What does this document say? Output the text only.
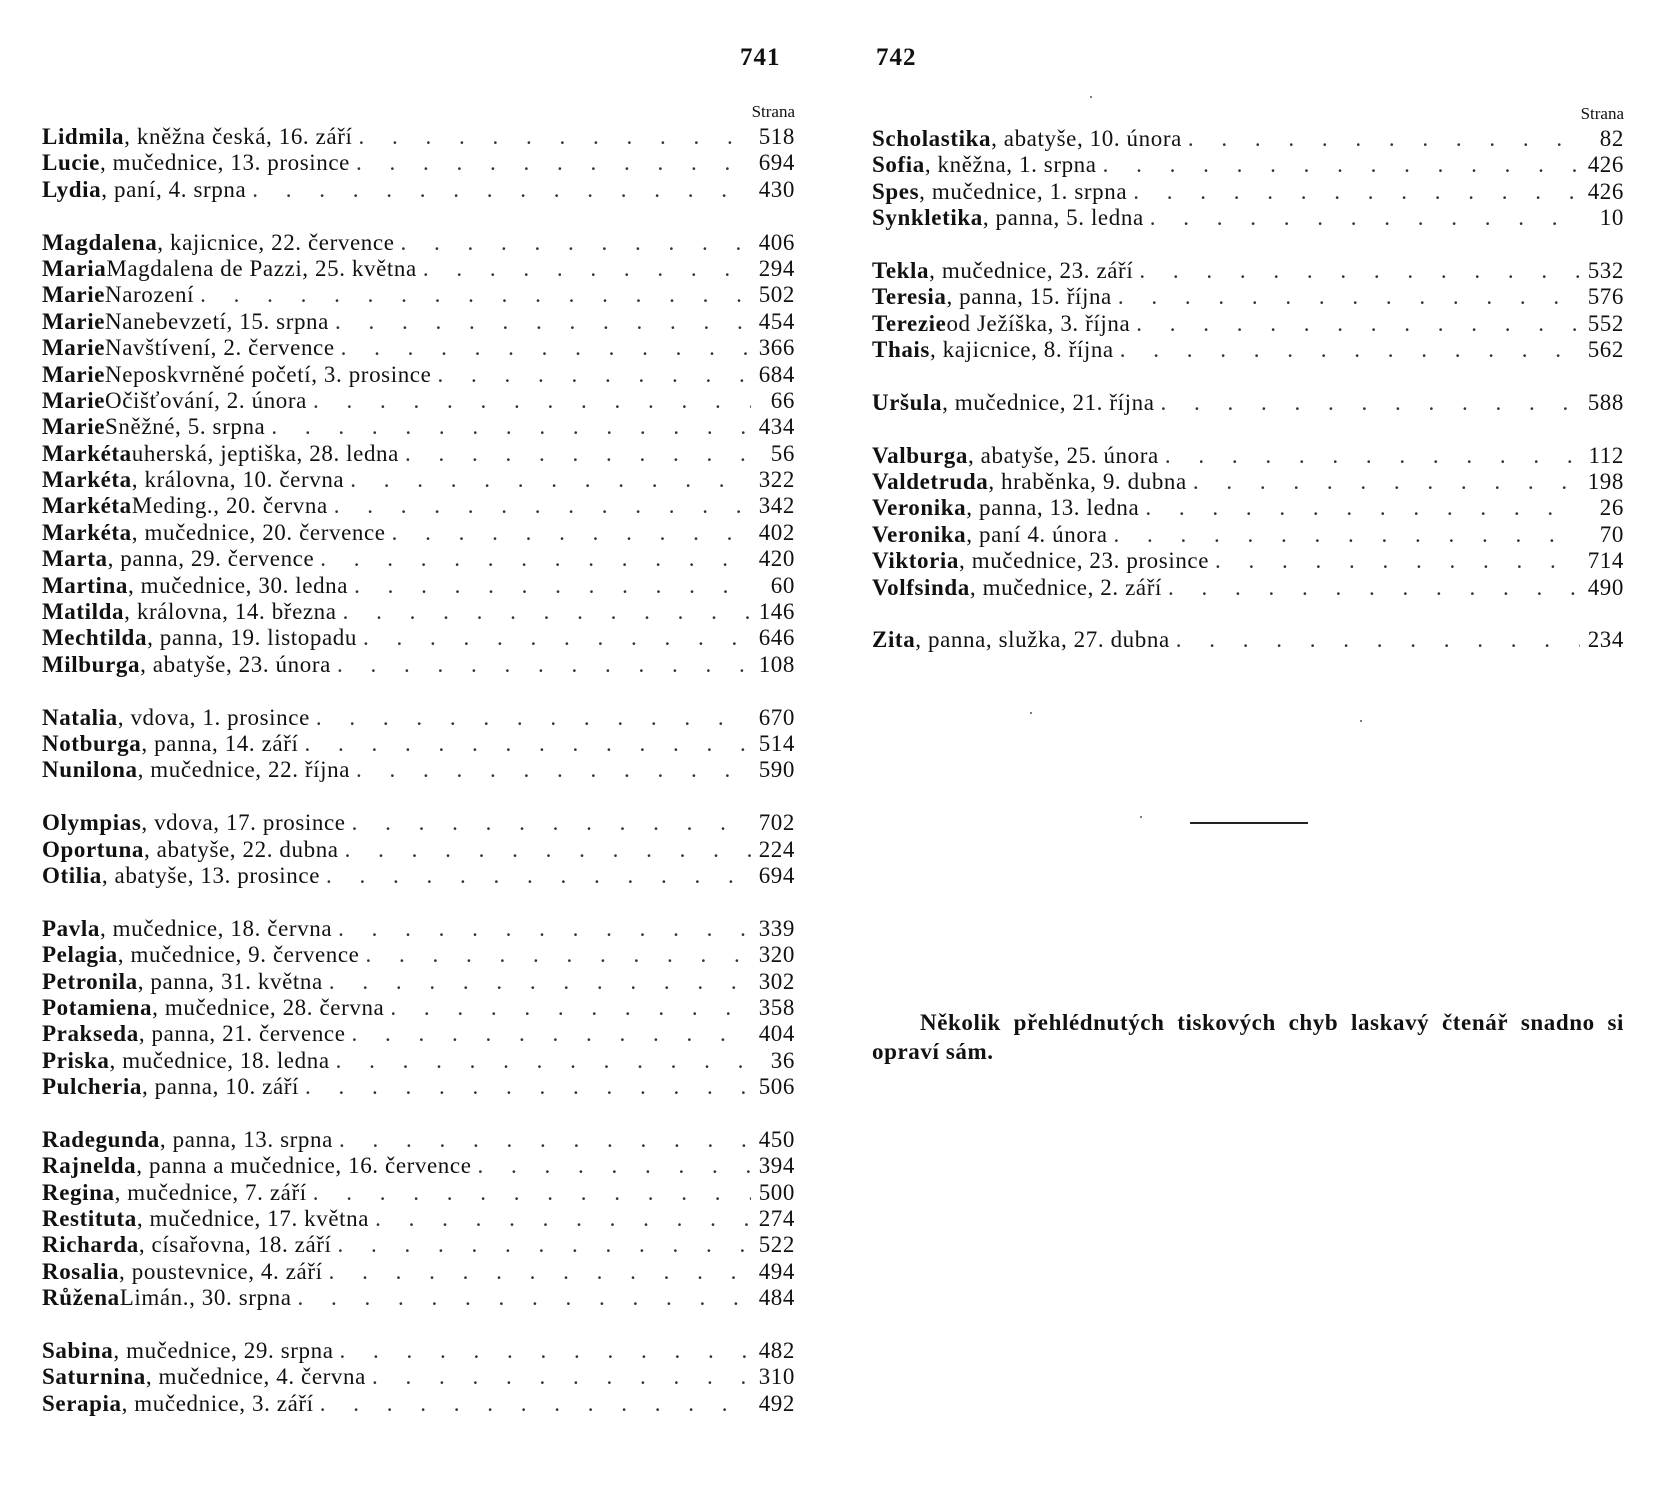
741	742
Strana
Lidmila , kněžna česká, 16. září . . .	518
Lucie , mučednice, 13. prosince . . .	694
Lydia , paní, 4. srpna . . .	430
Magdalena , kajicnice, 22. července . . .	406
Maria Magdalena de Pazzi, 25. května . . .	294
Marie Narození . . .	502
Marie Nanebevzetí, 15. srpna . . .	454
Marie Navštívení, 2. července . . .	366
Marie Neposkvrněné početí, 3. prosince . . .	684
Marie Očišťování, 2. února . . .	66
Marie Sněžné, 5. srpna . . .	434
Markéta uherská, jeptiška, 28. ledna . . .	56
Markéta , královna, 10. června . . .	322
Markéta Meding., 20. června . . .	342
Markéta , mučednice, 20. července . . .	402
Marta , panna, 29. července . . .	420
Martina , mučednice, 30. ledna . . .	60
Matilda , královna, 14. března . . .	146
Mechtilda , panna, 19. listopadu . . .	646
Milburga , abatyše, 23. února . . .	108
Natalia , vdova, 1. prosince . . .	670
Notburga , panna, 14. září . . .	514
Nunilona , mučednice, 22. října . . .	590
Olympias , vdova, 17. prosince . . .	702
Oportuna , abatyše, 22. dubna . . .	224
Otilia , abatyše, 13. prosince . . .	694
Pavla , mučednice, 18. června . . .	339
Pelagia , mučednice, 9. července . . .	320
Petronila , panna, 31. května . . .	302
Potamiena , mučednice, 28. června . . .	358
Prakseda , panna, 21. července . . .	404
Priska , mučednice, 18. ledna . . .	36
Pulcheria , panna, 10. září . . .	506
Radegunda , panna, 13. srpna . . .	450
Rajnelda , panna a mučednice, 16. července . . .	394
Regina , mučednice, 7. září . . .	500
Restituta , mučednice, 17. května . . .	274
Richarda , císařovna, 18. září . . .	522
Rosalia , poustevnice, 4. září . . .	494
Růžena Limán., 30. srpna . . .	484
Sabina , mučednice, 29. srpna . . .	482
Saturnina , mučednice, 4. června . . .	310
Serapia , mučednice, 3. září . . .	492
Strana
Scholastika , abatyše, 10. února . . .	82
Sofia , kněžna, 1. srpna . . .	426
Spes , mučednice, 1. srpna . . .	426
Synkletika , panna, 5. ledna . . .	10
Tekla , mučednice, 23. září . . .	532
Teresia , panna, 15. října . . .	576
Terezie od Ježíška, 3. října . . .	552
Thais , kajicnice, 8. října . . .	562
Uršula , mučednice, 21. října . . .	588
Valburga , abatyše, 25. února . . .	112
Valdetruda , hraběnka, 9. dubna . . .	198
Veronika , panna, 13. ledna . . .	26
Veronika , paní 4. února . . .	70
Viktoria , mučednice, 23. prosince . . .	714
Volfsinda , mučednice, 2. září . . .	490
Zita , panna, služka, 27. dubna . . .	234
Několik přehlédnutých tiskových chyb laskavý čtenář snadno si opraví sám.
